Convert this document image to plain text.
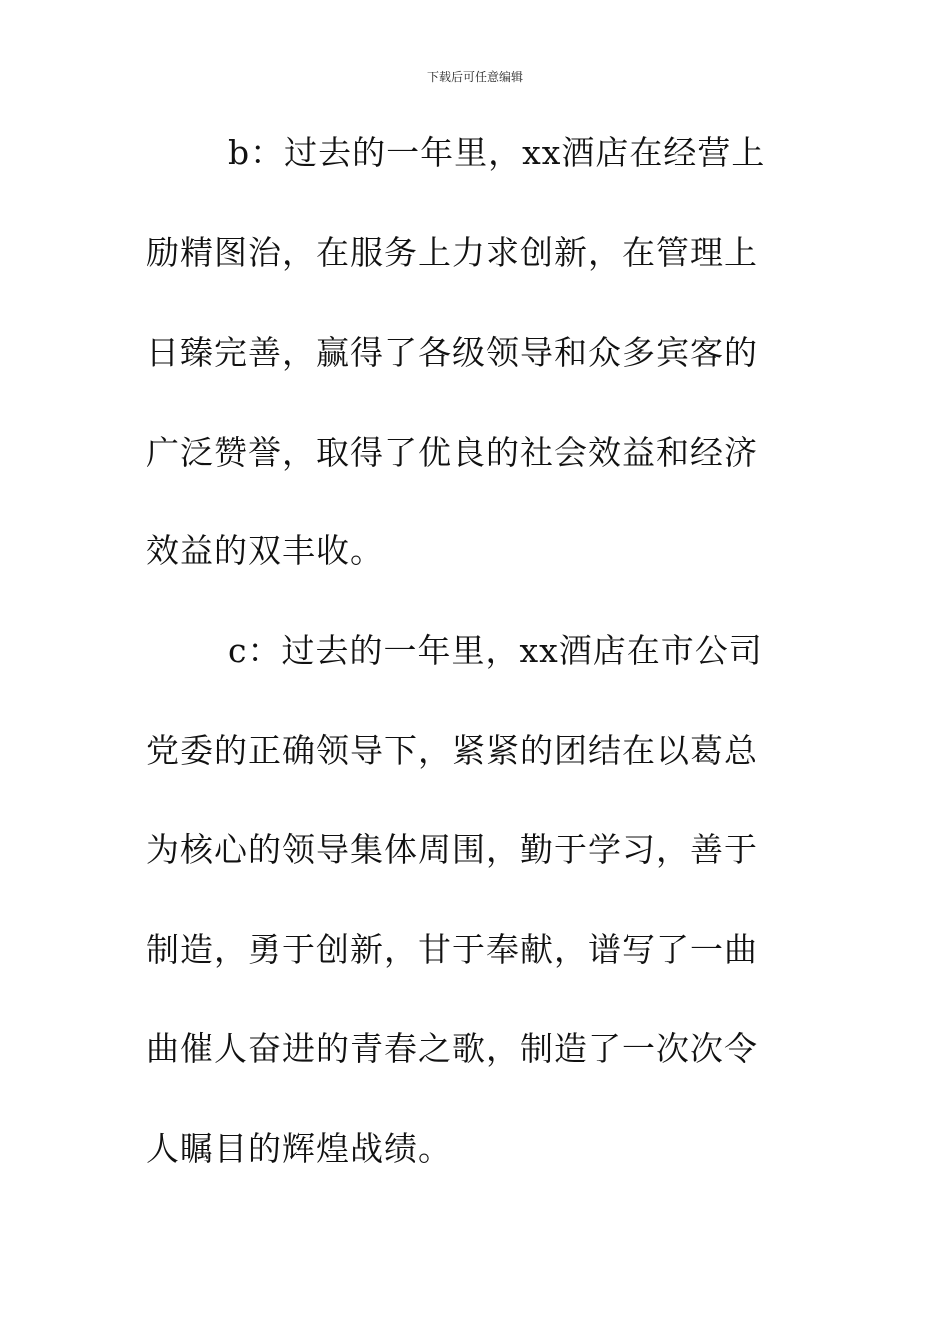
下载后可任意编辑
b：过去的一年里，xx酒店在经营上
励精图治，在服务上力求创新，在管理上
日臻完善，赢得了各级领导和众多宾客的
广泛赞誉，取得了优良的社会效益和经济
效益的双丰收。
c：过去的一年里，xx酒店在市公司
党委的正确领导下，紧紧的团结在以葛总
为核心的领导集体周围，勤于学习，善于
制造，勇于创新，甘于奉献，谱写了一曲
曲催人奋进的青春之歌，制造了一次次令
人瞩目的辉煌战绩。
